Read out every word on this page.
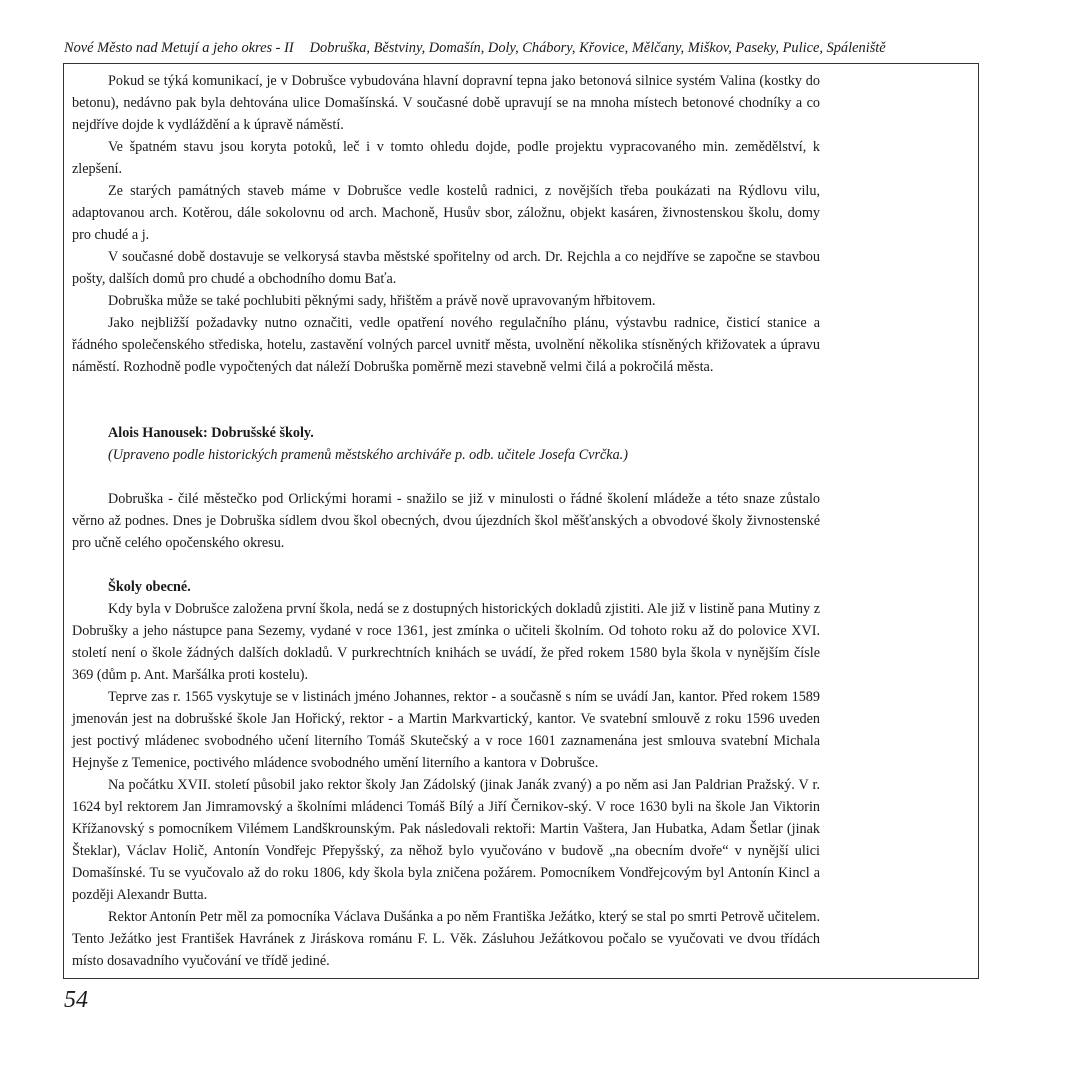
Nové Město nad Metují a jeho okres - II Dobruška, Běstviny, Domašín, Doly, Chábory, Křovice, Mělčany, Miškov, Paseky, Pulice, Spáleniště

Pokud se týká komunikací, je v Dobrušce vybudována hlavní dopravní tepna jako betonová silnice systém Valina (kostky do betonu), nedávno pak byla dehtována ulice Domašínská. V současné době upravují se na mnoha místech betonové chodníky a co nejdříve dojde k vydláždění a k úpravě náměstí.

Ve špatném stavu jsou koryta potoků, leč i v tomto ohledu dojde, podle projektu vypracovaného min. zemědělství, k zlepšení.

Ze starých památných staveb máme v Dobrušce vedle kostelů radnici, z novějších třeba poukázati na Rýdlovu vilu, adaptovanou arch. Kotěrou, dále sokolovnu od arch. Machoně, Husův sbor, záložnu, objekt kasáren, živnostenskou školu, domy pro chudé a j.

V současné době dostavuje se velkorysá stavba městské spořitelny od arch. Dr. Rejchla a co nejdříve se započne se stavbou pošty, dalších domů pro chudé a obchodního domu Baťa.

Dobruška může se také pochlubiti pěknými sady, hřištěm a právě nově upravovaným hřbitovem.

Jako nejbližší požadavky nutno označiti, vedle opatření nového regulačního plánu, výstavbu radnice, čisticí stanice a řádného společenského střediska, hotelu, zastavění volných parcel uvnitř města, uvolnění několika stísněných křižovatek a úpravu náměstí. Rozhodně podle vypočtených dat náleží Dobruška poměrně mezi stavebně velmi čilá a pokročilá města.

Alois Hanousek: Dobrušské školy.

(Upraveno podle historických pramenů městského archiváře p. odb. učitele Josefa Cvrčka.)

Dobruška - čilé městečko pod Orlickými horami - snažilo se již v minulosti o řádné školení mládeže a této snaze zůstalo věrno až podnes. Dnes je Dobruška sídlem dvou škol obecných, dvou újezdních škol měšťanských a obvodové školy živnostenské pro učně celého opočenského okresu.

Školy obecné.

Kdy byla v Dobrušce založena první škola, nedá se z dostupných historických dokladů zjistiti. Ale již v listině pana Mutiny z Dobrušky a jeho nástupce pana Sezemy, vydané v roce 1361, jest zmínka o učiteli školním. Od tohoto roku až do polovice XVI. století není o škole žádných dalších dokladů. V purkrechtních knihách se uvádí, že před rokem 1580 byla škola v nynějším čísle 369 (dům p. Ant. Maršálka proti kostelu).

Teprve zas r. 1565 vyskytuje se v listinách jméno Johannes, rektor - a současně s ním se uvádí Jan, kantor. Před rokem 1589 jmenován jest na dobrušské škole Jan Hořický, rektor - a Martin Markvartický, kantor. Ve svatební smlouvě z roku 1596 uveden jest poctivý mládenec svobodného učení literního Tomáš Skutečský a v roce 1601 zaznamenána jest smlouva svatební Michala Hejnyše z Temenice, poctivého mládence svobodného umění literního a kantora v Dobrušce.

Na počátku XVII. století působil jako rektor školy Jan Zádolský (jinak Janák zvaný) a po něm asi Jan Paldrian Pražský. V r. 1624 byl rektorem Jan Jimramovský a školními mládenci Tomáš Bílý a Jiří Černikov-ský. V roce 1630 byli na škole Jan Viktorin Křížanovský s pomocníkem Vilémem Landškrounským. Pak následovali rektoři: Martin Vaštera, Jan Hubatka, Adam Šetlar (jinak Šteklar), Václav Holič, Antonín Vondřejc Přepyšský, za něhož bylo vyučováno v budově „na obecním dvoře“ v nynější ulici Domašínské. Tu se vyučovalo až do roku 1806, kdy škola byla zničena požárem. Pomocníkem Vondřejcovým byl Antonín Kincl a později Alexandr Butta.

Rektor Antonín Petr měl za pomocníka Václava Dušánka a po něm Františka Ježátko, který se stal po smrti Petrově učitelem. Tento Ježátko jest František Havránek z Jiráskova románu F. L. Věk. Zásluhou Ježátkovou počalo se vyučovati ve dvou třídách místo dosavadního vyučování ve třídě jediné.

54
